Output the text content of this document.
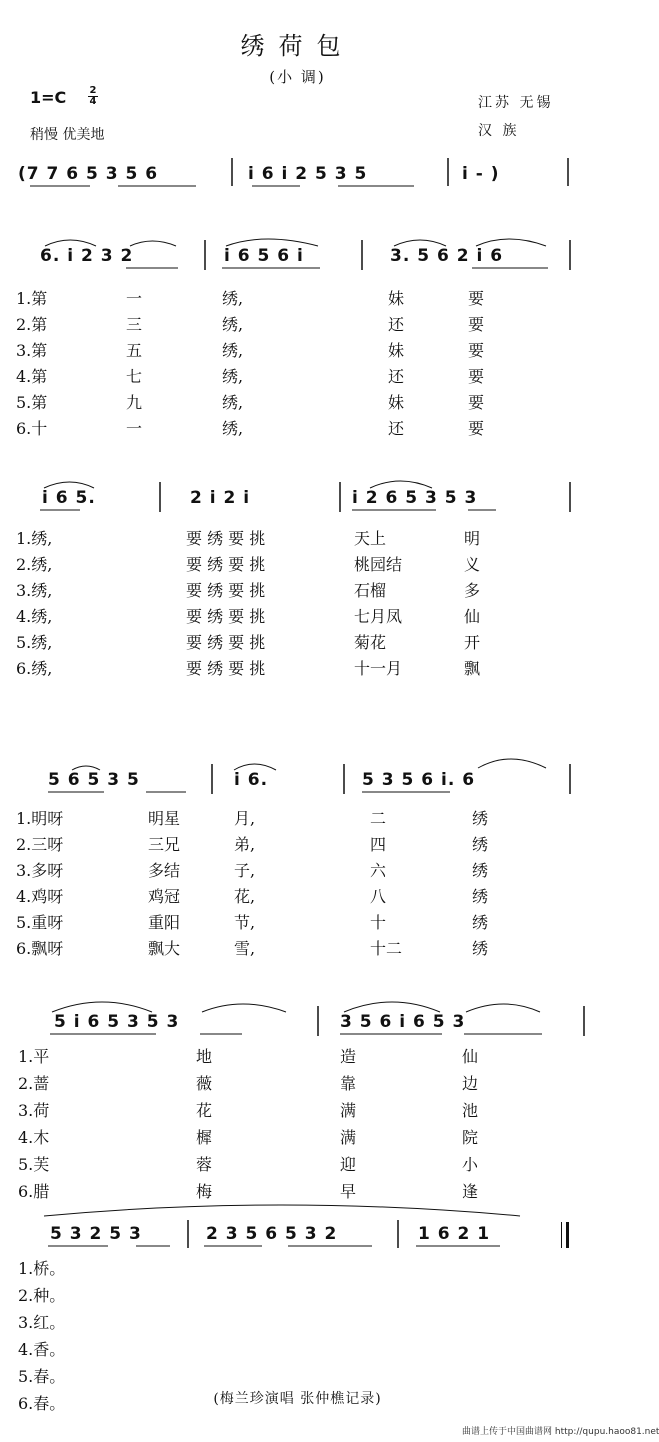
绣荷包
(小 调)
1=C 2
4
稍慢 优美地
江苏 无锡
汉 族
(7 7 6 5 3 5 6	i 6 i 2 5 3 5	i - )
6. i 2 3 2	i 6 5 6 i	3. 5 6 2 i 6
1.第	一	绣,	妹	要
2.第	三	绣,	还	要
3.第	五	绣,	妹	要
4.第	七	绣,	还	要
5.第	九	绣,	妹	要
6.十	一	绣,	还	要
i 6 5.	2 i 2 i	i 2 6 5 3 5 3
1.绣,	要 绣 要 挑	天上	明
2.绣,	要 绣 要 挑	桃园结	义
3.绣,	要 绣 要 挑	石榴	多
4.绣,	要 绣 要 挑	七月凤	仙
5.绣,	要 绣 要 挑	菊花	开
6.绣,	要 绣 要 挑	十一月	飘
5 6 5 3 5	i 6.	5 3 5 6 i. 6
1.明呀	明星	月,	二	绣
2.三呀	三兄	弟,	四	绣
3.多呀	多结	子,	六	绣
4.鸡呀	鸡冠	花,	八	绣
5.重呀	重阳	节,	十	绣
6.飘呀	飘大	雪,	十二	绣
5 i 6 5 3 5 3	3 5 6 i 6 5 3
1.平	地	造	仙
2.蔷	薇	靠	边
3.荷	花	满	池
4.木	樨	满	院
5.芙	蓉	迎	小
6.腊	梅	早	逢
5 3 2 5 3	2 3 5 6 5 3 2	1 6 2 1
1.桥。
2.种。
3.红。
4.香。
5.春。
6.春。	(梅兰珍演唱 张仲樵记录)
曲谱上传于中国曲谱网 http://qupu.haoo81.net
